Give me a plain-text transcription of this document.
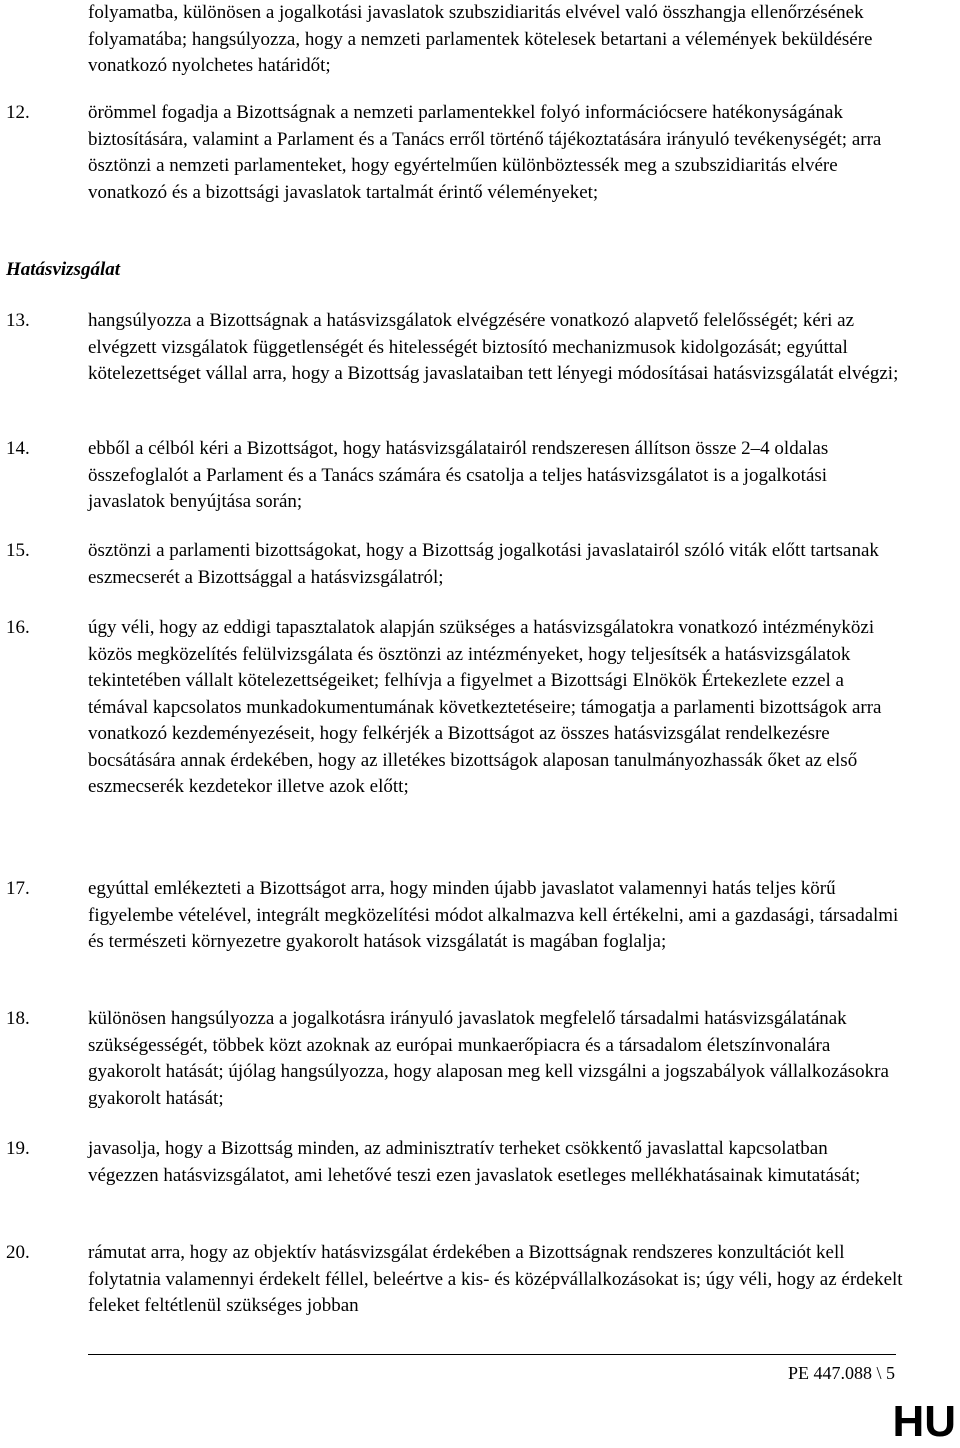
folyamatba, különösen a jogalkotási javaslatok szubszidiaritás elvével való összhangja ellenőrzésének folyamatába; hangsúlyozza, hogy a nemzeti parlamentek kötelesek betartani a vélemények beküldésére vonatkozó nyolchetes határidőt;
12.	örömmel fogadja a Bizottságnak a nemzeti parlamentekkel folyó információcsere hatékonyságának biztosítására, valamint a Parlament és a Tanács erről történő tájékoztatására irányuló tevékenységét; arra ösztönzi a nemzeti parlamenteket, hogy egyértelműen különböztessék meg a szubszidiaritás elvére vonatkozó és a bizottsági javaslatok tartalmát érintő véleményeket;
Hatásvizsgálat
13.	hangsúlyozza a Bizottságnak a hatásvizsgálatok elvégzésére vonatkozó alapvető felelősségét; kéri az elvégzett vizsgálatok függetlenségét és hitelességét biztosító mechanizmusok kidolgozását; egyúttal kötelezettséget vállal arra, hogy a Bizottság javaslataiban tett lényegi módosításai hatásvizsgálatát elvégzi;
14.	ebből a célból kéri a Bizottságot, hogy hatásvizsgálatairól rendszeresen állítson össze 2–4 oldalas összefoglalót a Parlament és a Tanács számára és csatolja a teljes hatásvizsgálatot is a jogalkotási javaslatok benyújtása során;
15.	ösztönzi a parlamenti bizottságokat, hogy a Bizottság jogalkotási javaslatairól szóló viták előtt tartsanak eszmecserét a Bizottsággal a hatásvizsgálatról;
16.	úgy véli, hogy az eddigi tapasztalatok alapján szükséges a hatásvizsgálatokra vonatkozó intézményközi közös megközelítés felülvizsgálata és ösztönzi az intézményeket, hogy teljesítsék a hatásvizsgálatok tekintetében vállalt kötelezettségeiket; felhívja a figyelmet a Bizottsági Elnökök Értekezlete ezzel a témával kapcsolatos munkadokumentumának következtetéseire; támogatja a parlamenti bizottságok arra vonatkozó kezdeményezéseit, hogy felkérjék a Bizottságot az összes hatásvizsgálat rendelkezésre bocsátására annak érdekében, hogy az illetékes bizottságok alaposan tanulmányozhassák őket az első eszmecserék kezdetekor illetve azok előtt;
17.	egyúttal emlékezteti a Bizottságot arra, hogy minden újabb javaslatot valamennyi hatás teljes körű figyelembe vételével, integrált megközelítési módot alkalmazva kell értékelni, ami a gazdasági, társadalmi és természeti környezetre gyakorolt hatások vizsgálatát is magában foglalja;
18.	különösen hangsúlyozza a jogalkotásra irányuló javaslatok megfelelő társadalmi hatásvizsgálatának szükségességét, többek közt azoknak az európai munkaerőpiacra és a társadalom életszínvonalára gyakorolt hatását; újólag hangsúlyozza, hogy alaposan meg kell vizsgálni a jogszabályok vállalkozásokra gyakorolt hatását;
19.	javasolja, hogy a Bizottság minden, az adminisztratív terheket csökkentő javaslattal kapcsolatban végezzen hatásvizsgálatot, ami lehetővé teszi ezen javaslatok esetleges mellékhatásainak kimutatását;
20.	rámutat arra, hogy az objektív hatásvizsgálat érdekében a Bizottságnak rendszeres konzultációt kell folytatnia valamennyi érdekelt féllel, beleértve a kis- és középvállalkozásokat is; úgy véli, hogy az érdekelt feleket feltétlenül szükséges jobban
PE 447.088 \ 5
HU
